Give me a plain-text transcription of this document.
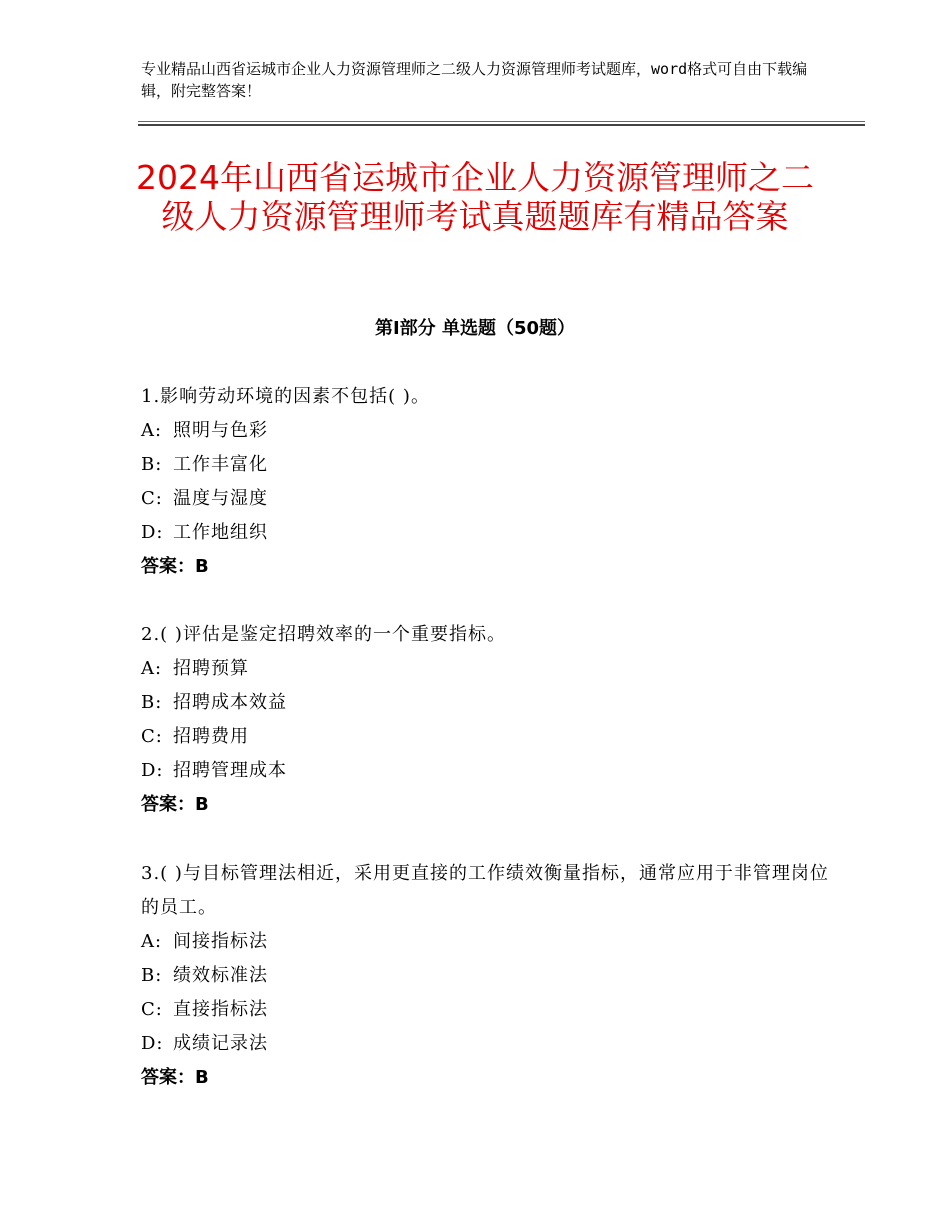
专业精品山西省运城市企业人力资源管理师之二级人力资源管理师考试题库，word格式可自由下载编辑，附完整答案！
2024年山西省运城市企业人力资源管理师之二级人力资源管理师考试真题题库有精品答案
第Ⅰ部分 单选题（50题）

1.影响劳动环境的因素不包括( )。

A: 照明与色彩
B: 工作丰富化
C: 温度与湿度
D: 工作地组织
答案：B

2.( )评估是鉴定招聘效率的一个重要指标。

A: 招聘预算
B: 招聘成本效益
C: 招聘费用
D: 招聘管理成本
答案：B

3.( )与目标管理法相近，采用更直接的工作绩效衡量指标，通常应用于非管理岗位的员工。

A: 间接指标法
B: 绩效标准法
C: 直接指标法
D: 成绩记录法
答案：B
